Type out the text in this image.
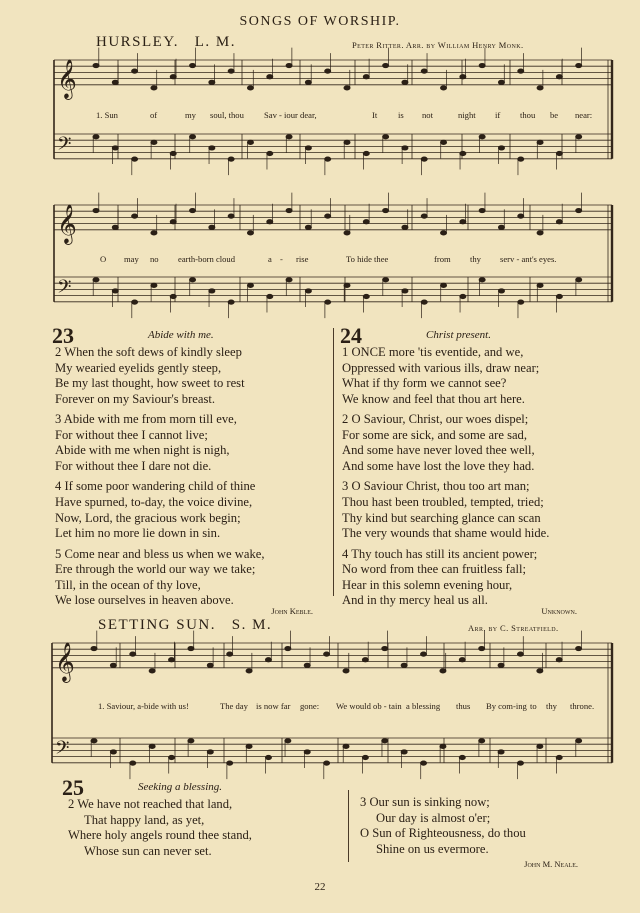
SONGS OF WORSHIP.
HURSLEY. L. M.	Peter Ritter. Arr. by William Henry Monk.
𝄞
𝄢
𝄞
𝄢
𝄞
𝄢
1. Sun	of	my soul, thou Sav - iour dear,	It is not	night if thou be near:
O may no earth-born cloud	a - rise	To hide thee	from thy serv - ant's eyes.
23	Abide with me.

2 When the soft dews of kindly sleep
My wearied eyelids gently steep,
Be my last thought, how sweet to rest
Forever on my Saviour's breast.

3 Abide with me from morn till eve,
For without thee I cannot live;
Abide with me when night is nigh,
For without thee I dare not die.

4 If some poor wandering child of thine
Have spurned, to-day, the voice divine,
Now, Lord, the gracious work begin;
Let him no more lie down in sin.

5 Come near and bless us when we wake,
Ere through the world our way we take;
Till, in the ocean of thy love,
We lose ourselves in heaven above.

John Keble.
24	Christ present.

1 ONCE more 'tis eventide, and we,
Oppressed with various ills, draw near;
What if thy form we cannot see?
We know and feel that thou art here.

2 O Saviour, Christ, our woes dispel;
For some are sick, and some are sad,
And some have never loved thee well,
And some have lost the love they had.

3 O Saviour Christ, thou too art man;
Thou hast been troubled, tempted, tried;
Thy kind but searching glance can scan
The very wounds that shame would hide.

4 Thy touch has still its ancient power;
No word from thee can fruitless fall;
Hear in this solemn evening hour,
And in thy mercy heal us all.

Unknown.
SETTING SUN. S. M.	Arr. by C. Streatfield.
1. Saviour, a-bide with us!	The day is now far gone: We would ob - tain a blessing thus By com-ing to thy throne.
25	Seeking a blessing.

2 We have not reached that land,
That happy land, as yet,
Where holy angels round thee stand,
Whose sun can never set.

3 Our sun is sinking now;
Our day is almost o'er;
O Sun of Righteousness, do thou
Shine on us evermore.

John M. Neale.
22
